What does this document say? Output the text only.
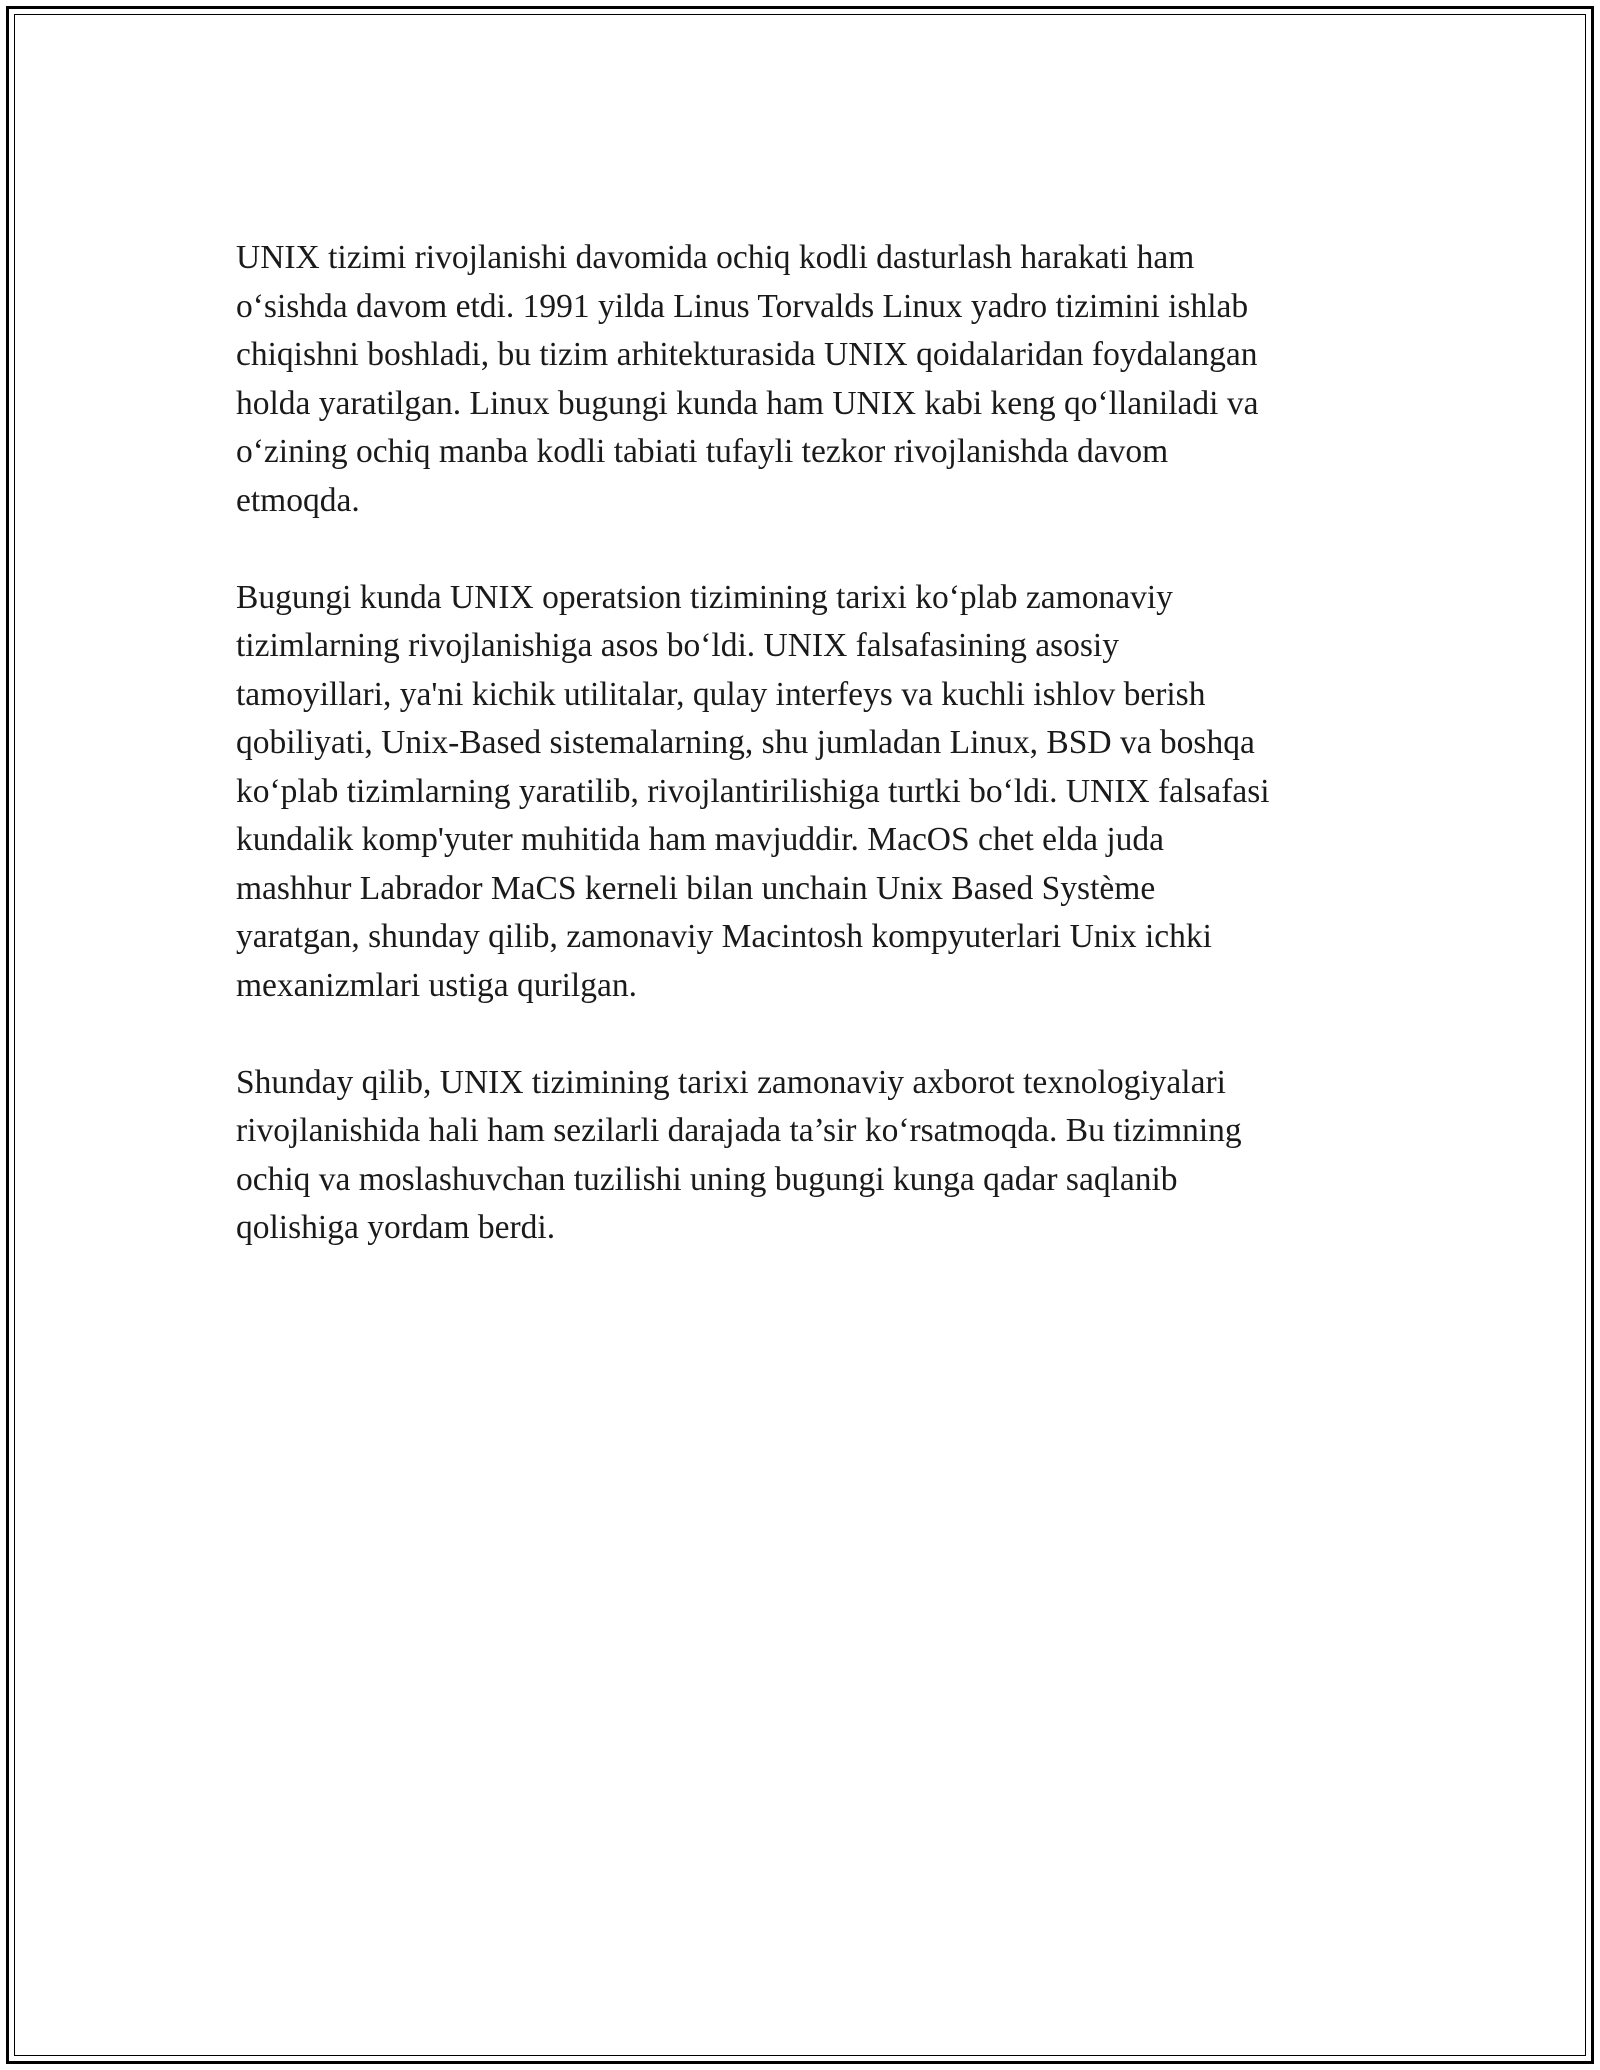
UNIX tizimi rivojlanishi davomida ochiq kodli dasturlash harakati ham
o‘sishda davom etdi. 1991 yilda Linus Torvalds Linux yadro tizimini ishlab
chiqishni boshladi, bu tizim arhitekturasida UNIX qoidalaridan foydalangan
holda yaratilgan. Linux bugungi kunda ham UNIX kabi keng qo‘llaniladi va
o‘zining ochiq manba kodli tabiati tufayli tezkor rivojlanishda davom
etmoqda.

Bugungi kunda UNIX operatsion tizimining tarixi ko‘plab zamonaviy
tizimlarning rivojlanishiga asos bo‘ldi. UNIX falsafasining asosiy
tamoyillari, ya'ni kichik utilitalar, qulay interfeys va kuchli ishlov berish
qobiliyati, Unix-Based sistemalarning, shu jumladan Linux, BSD va boshqa
ko‘plab tizimlarning yaratilib, rivojlantirilishiga turtki bo‘ldi. UNIX falsafasi
kundalik komp'yuter muhitida ham mavjuddir. MacOS chet elda juda
mashhur Labrador MaCS kerneli bilan unchain Unix Based Système
yaratgan, shunday qilib, zamonaviy Macintosh kompyuterlari Unix ichki
mexanizmlari ustiga qurilgan.

Shunday qilib, UNIX tizimining tarixi zamonaviy axborot texnologiyalari
rivojlanishida hali ham sezilarli darajada ta’sir ko‘rsatmoqda. Bu tizimning
ochiq va moslashuvchan tuzilishi uning bugungi kunga qadar saqlanib
qolishiga yordam berdi.
